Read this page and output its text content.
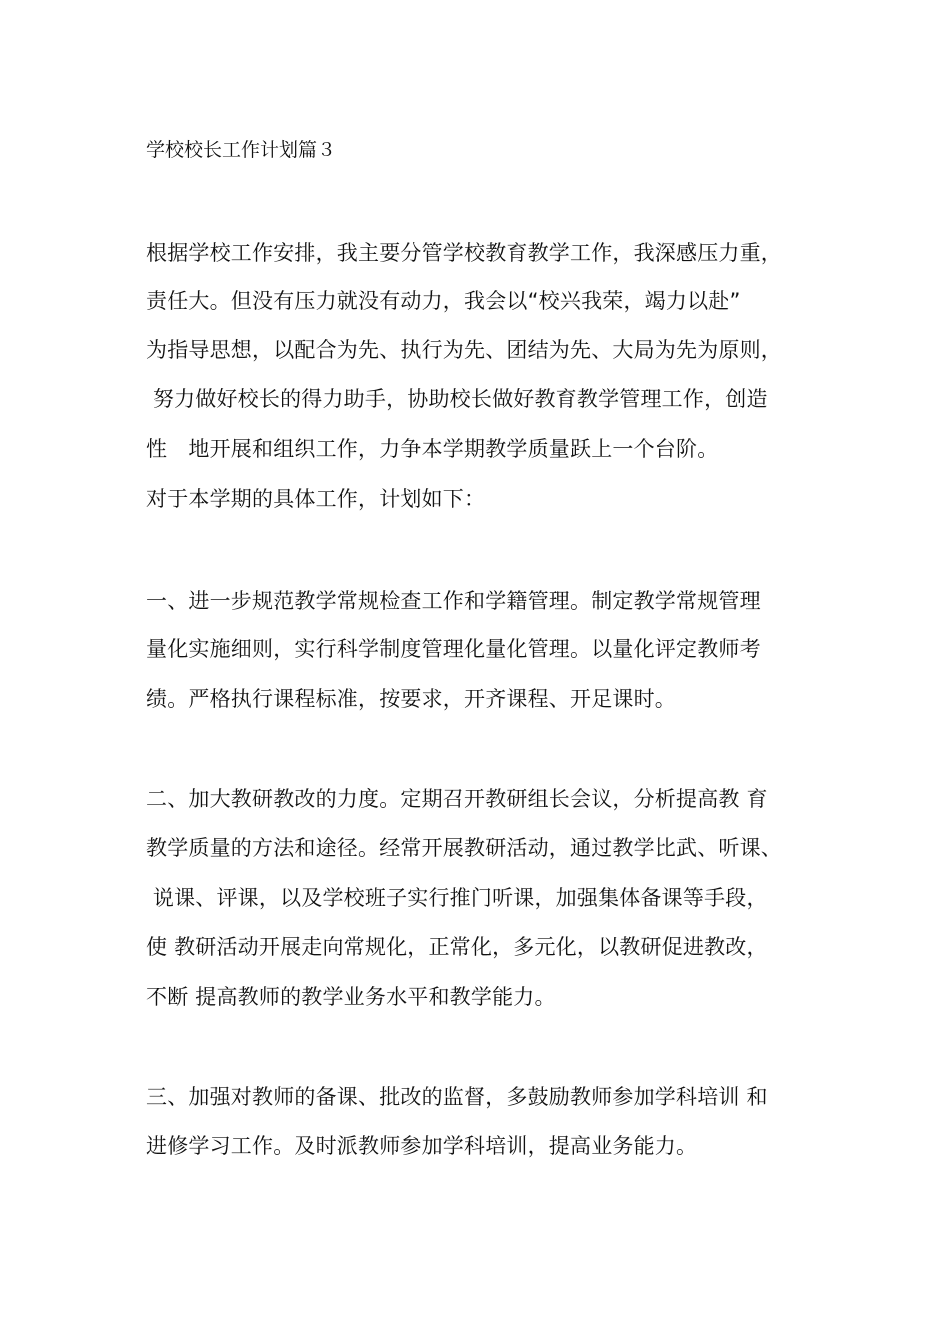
学校校长工作计划篇３
根据学校工作安排，我主要分管学校教育教学工作，我深感压力重，
责任大。但没有压力就没有动力，我会以“校兴我荣，竭力以赴”
为指导思想，以配合为先、执行为先、团结为先、大局为先为原则，
努力做好校长的得力助手，协助校长做好教育教学管理工作，创造
性　地开展和组织工作，力争本学期教学质量跃上一个台阶。
对于本学期的具体工作，计划如下：
一、进一步规范教学常规检查工作和学籍管理。制定教学常规管理
量化实施细则，实行科学制度管理化量化管理。以量化评定教师考
绩。严格执行课程标准，按要求，开齐课程、开足课时。
二、加大教研教改的力度。定期召开教研组长会议，分析提高教 育
教学质量的方法和途径。经常开展教研活动，通过教学比武、听课、
说课、评课，以及学校班子实行推门听课，加强集体备课等手段，
使 教研活动开展走向常规化，正常化，多元化，以教研促进教改，
不断 提高教师的教学业务水平和教学能力。
三、加强对教师的备课、批改的监督，多鼓励教师参加学科培训 和
进修学习工作。及时派教师参加学科培训，提高业务能力。
